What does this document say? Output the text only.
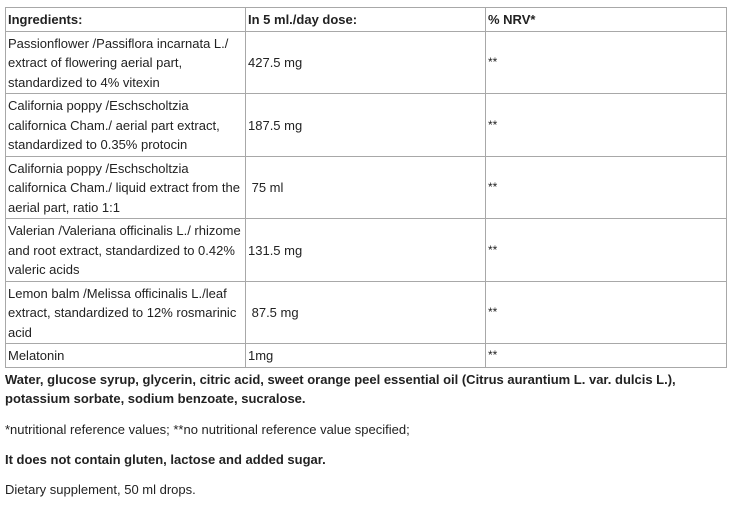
Ingredients:	In 5 ml./day dose:	% NRV*
Passionflower /Passiflora incarnata L./ extract of flowering aerial part, standardized to 4% vitexin	427.5 mg	**
California poppy /Eschscholtzia californica Cham./ aerial part extract, standardized to 0.35% protocin	187.5 mg	**
California poppy /Eschscholtzia californica Cham./ liquid extract from the aerial part, ratio 1:1	75 ml	**
Valerian /Valeriana officinalis L./ rhizome and root extract, standardized to 0.42% valeric acids	131.5 mg	**
Lemon balm /Melissa officinalis L./leaf extract, standardized to 12% rosmarinic acid	87.5 mg	**
Melatonin	1mg	**
Water, glucose syrup, glycerin, citric acid, sweet orange peel essential oil (Citrus aurantium L. var. dulcis L.), potassium sorbate, sodium benzoate, sucralose.
*nutritional reference values; **no nutritional reference value specified;
It does not contain gluten, lactose and added sugar.
Dietary supplement, 50 ml drops.
